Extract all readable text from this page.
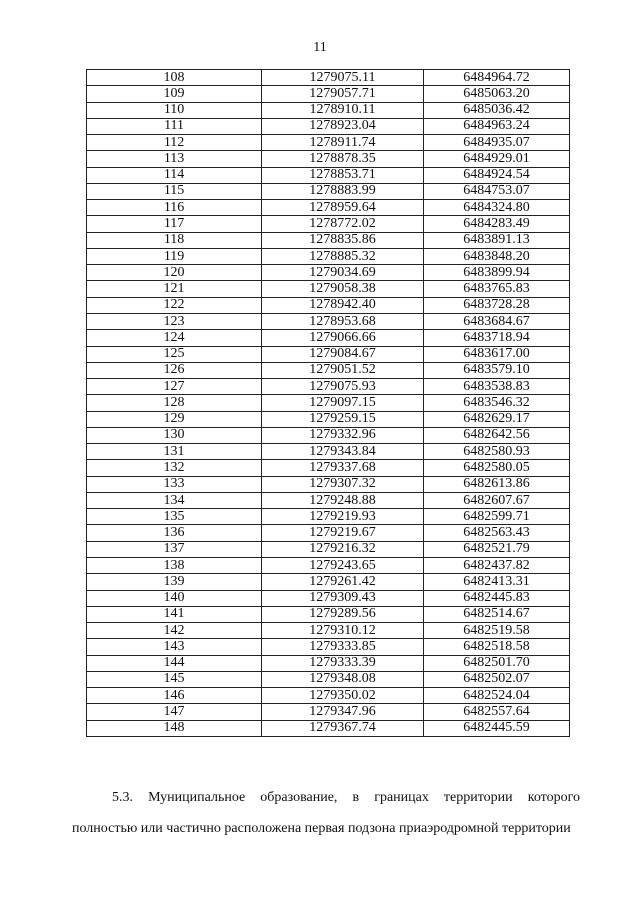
11
108	1279075.11	6484964.72
109	1279057.71	6485063.20
110	1278910.11	6485036.42
111	1278923.04	6484963.24
112	1278911.74	6484935.07
113	1278878.35	6484929.01
114	1278853.71	6484924.54
115	1278883.99	6484753.07
116	1278959.64	6484324.80
117	1278772.02	6484283.49
118	1278835.86	6483891.13
119	1278885.32	6483848.20
120	1279034.69	6483899.94
121	1279058.38	6483765.83
122	1278942.40	6483728.28
123	1278953.68	6483684.67
124	1279066.66	6483718.94
125	1279084.67	6483617.00
126	1279051.52	6483579.10
127	1279075.93	6483538.83
128	1279097.15	6483546.32
129	1279259.15	6482629.17
130	1279332.96	6482642.56
131	1279343.84	6482580.93
132	1279337.68	6482580.05
133	1279307.32	6482613.86
134	1279248.88	6482607.67
135	1279219.93	6482599.71
136	1279219.67	6482563.43
137	1279216.32	6482521.79
138	1279243.65	6482437.82
139	1279261.42	6482413.31
140	1279309.43	6482445.83
141	1279289.56	6482514.67
142	1279310.12	6482519.58
143	1279333.85	6482518.58
144	1279333.39	6482501.70
145	1279348.08	6482502.07
146	1279350.02	6482524.04
147	1279347.96	6482557.64
148	1279367.74	6482445.59
5.3. Муниципальное образование, в границах территории которого
полностью или частично расположена первая подзона приаэродромной территории
